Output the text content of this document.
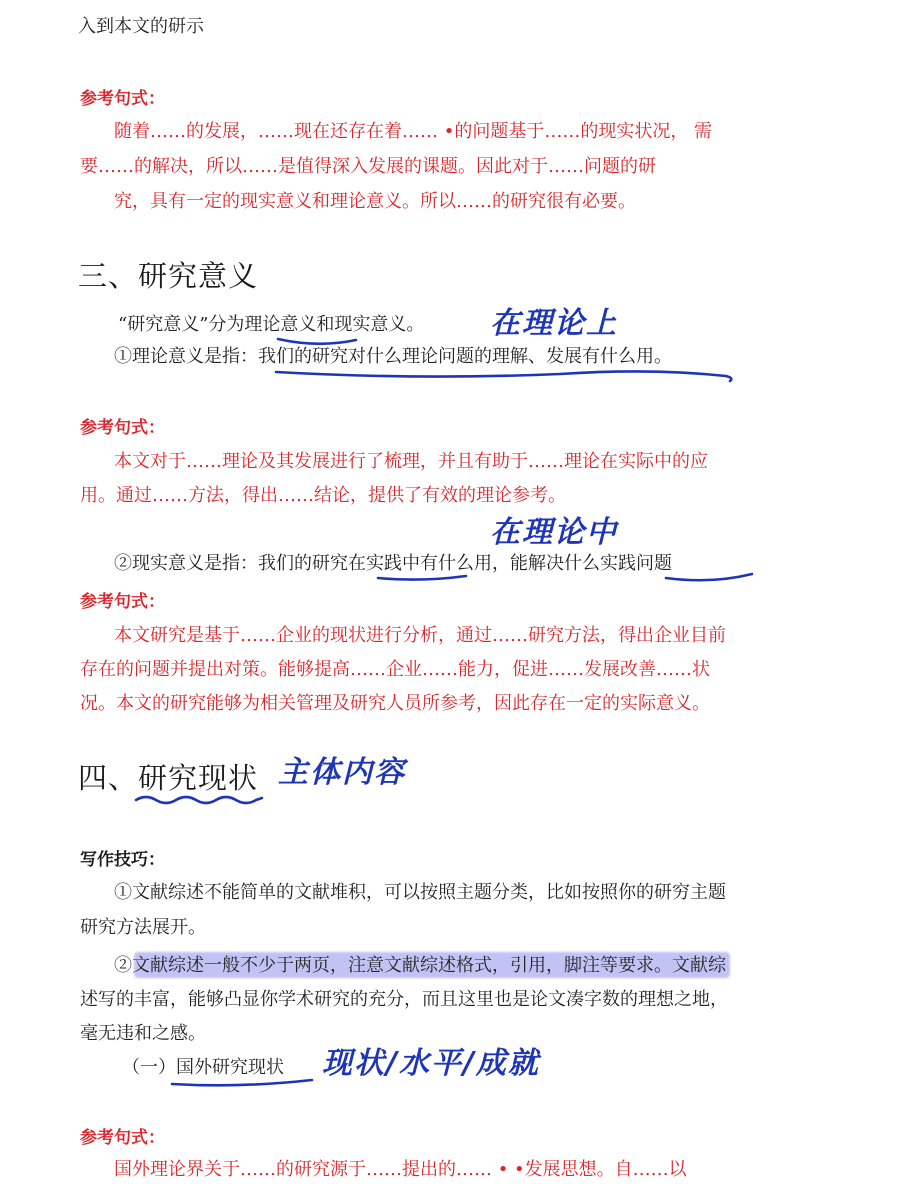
入到本文的研示
参考句式：
随着……的发展，……现在还存在着…… •的问题基于……的现实状况， 需
要……的解决，所以……是值得深入发展的课题。因此对于……问题的研
究，具有一定的现实意义和理论意义。所以……的研究很有必要。
三、研究意义
“研究意义”分为理论意义和现实意义。
①理论意义是指：我们的研究对什么理论问题的理解、发展有什么用。
参考句式：
本文对于……理论及其发展进行了梳理，并且有助于……理论在实际中的应
用。通过……方法，得出……结论，提供了有效的理论参考。
②现实意义是指：我们的研究在实践中有什么用，能解决什么实践问题
参考句式：
本文研究是基于……企业的现状进行分析，通过……研究方法，得出企业目前
存在的问题并提出对策。能够提高……企业……能力，促进……发展改善……状
况。本文的研究能够为相关管理及研究人员所参考，因此存在一定的实际意义。
四、研究现状
写作技巧：
①文献综述不能简单的文献堆积，可以按照主题分类，比如按照你的研穷主题
研究方法展开。
②文献综述一般不少于两页，注意文献综述格式，引用，脚注等要求。文献综
述写的丰富，能够凸显你学术研究的充分，而且这里也是论文凑字数的理想之地，
毫无违和之感。
（一）国外研究现状
参考句式：
国外理论界关于……的研究源于……提出的…… • •发展思想。自……以
在理论上
在理论中
主体内容
现状/水平/成就
